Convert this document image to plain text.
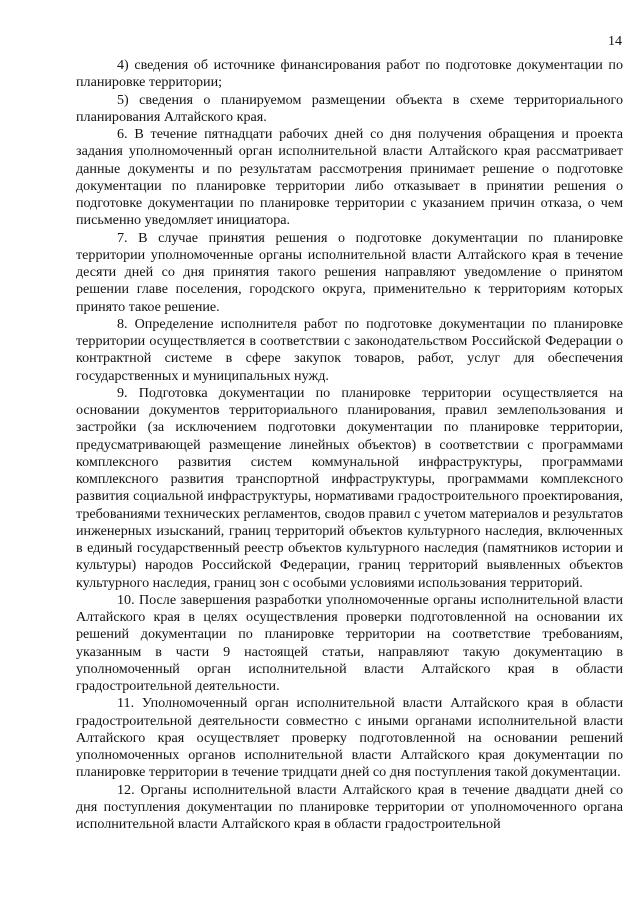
14

4) сведения об источнике финансирования работ по подготовке документации по планировке территории;

5) сведения о планируемом размещении объекта в схеме территориального планирования Алтайского края.

6. В течение пятнадцати рабочих дней со дня получения обращения и проекта задания уполномоченный орган исполнительной власти Алтайского края рассматривает данные документы и по результатам рассмотрения принимает решение о подготовке документации по планировке территории либо отказывает в принятии решения о подготовке документации по планировке территории с указанием причин отказа, о чем письменно уведомляет инициатора.

7. В случае принятия решения о подготовке документации по планировке территории уполномоченные органы исполнительной власти Алтайского края в течение десяти дней со дня принятия такого решения направляют уведомление о принятом решении главе поселения, городского округа, применительно к территориям которых принято такое решение.

8. Определение исполнителя работ по подготовке документации по планировке территории осуществляется в соответствии с законодательством Российской Федерации о контрактной системе в сфере закупок товаров, работ, услуг для обеспечения государственных и муниципальных нужд.

9. Подготовка документации по планировке территории осуществляется на основании документов территориального планирования, правил землепользования и застройки (за исключением подготовки документации по планировке территории, предусматривающей размещение линейных объектов) в соответствии с программами комплексного развития систем коммунальной инфраструктуры, программами комплексного развития транспортной инфраструктуры, программами комплексного развития социальной инфраструктуры, нормативами градостроительного проектирования, требованиями технических регламентов, сводов правил с учетом материалов и результатов инженерных изысканий, границ территорий объектов культурного наследия, включенных в единый государственный реестр объектов культурного наследия (памятников истории и культуры) народов Российской Федерации, границ территорий выявленных объектов культурного наследия, границ зон с особыми условиями использования территорий.

10. После завершения разработки уполномоченные органы исполнительной власти Алтайского края в целях осуществления проверки подготовленной на основании их решений документации по планировке территории на соответствие требованиям, указанным в части 9 настоящей статьи, направляют такую документацию в уполномоченный орган исполнительной власти Алтайского края в области градостроительной деятельности.

11. Уполномоченный орган исполнительной власти Алтайского края в области градостроительной деятельности совместно с иными органами исполнительной власти Алтайского края осуществляет проверку подготовленной на основании решений уполномоченных органов исполнительной власти Алтайского края документации по планировке территории в течение тридцати дней со дня поступления такой документации.

12. Органы исполнительной власти Алтайского края в течение двадцати дней со дня поступления документации по планировке территории от уполномоченного органа исполнительной власти Алтайского края в области градостроительной
